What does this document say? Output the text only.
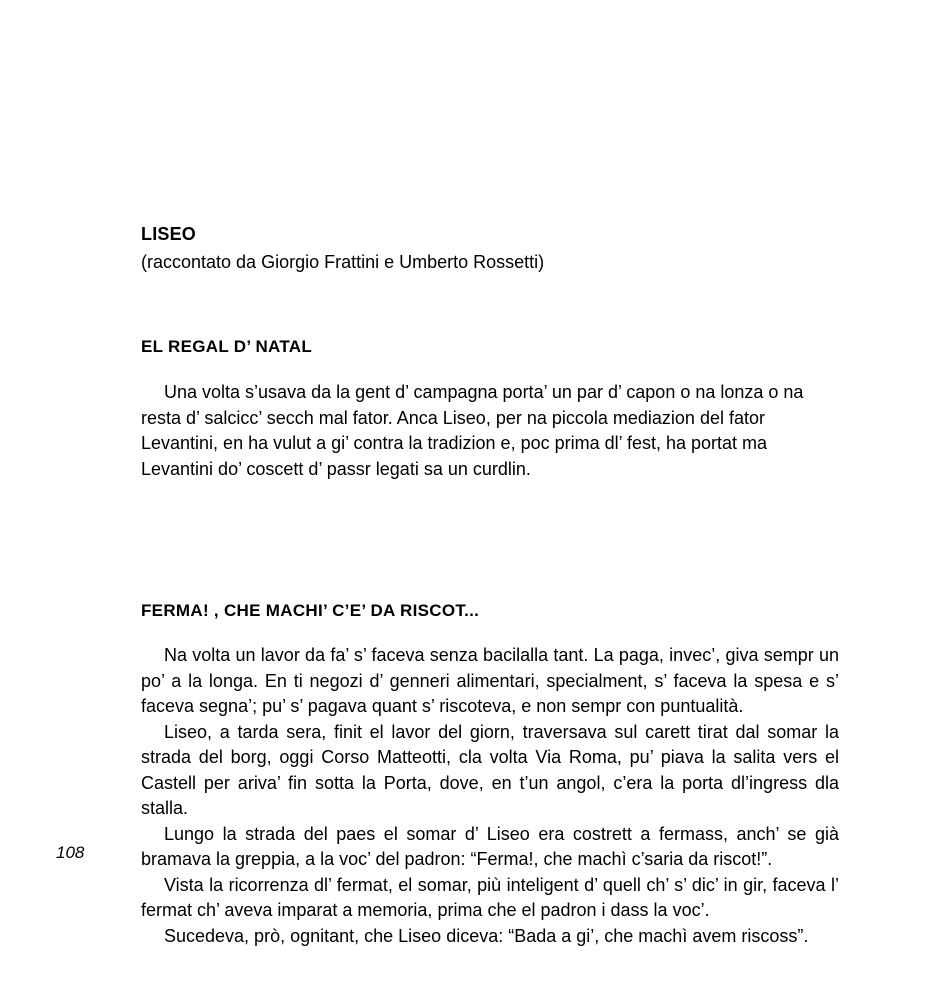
LISEO
(raccontato da Giorgio Frattini e Umberto Rossetti)
EL REGAL D’ NATAL

Una volta s’usava da la gent d’ campagna porta’ un par d’ capon o na lonza o na resta d’ salcicc’ secch mal fator. Anca Liseo, per na piccola mediazion del fator Levantini, en ha vulut a gi’ contra la tradizion e, poc prima dl’ fest, ha portat ma Levantini do’ coscett d’ passr legati sa un curdlin.

FERMA! , CHE MACHI’ C’E’ DA RISCOT...

Na volta un lavor da fa’ s’ faceva senza bacilalla tant. La paga, invec’, giva sempr un po’ a la longa. En ti negozi d’ genneri alimentari, specialment, s’ faceva la spesa e s’ faceva segna’; pu’ s’ pagava quant s’ riscoteva, e non sempr con puntualità.

Liseo, a tarda sera, finit el lavor del giorn, traversava sul carett tirat dal somar la strada del borg, oggi Corso Matteotti, cla volta Via Roma, pu’ piava la salita vers el Castell per ariva’ fin sotta la Porta, dove, en t’un angol, c’era la porta dl’ingress dla stalla.

Lungo la strada del paes el somar d’ Liseo era costrett a fermass, anch’ se già bramava la greppia, a la voc’ del padron: “Ferma!, che machì c’saria da riscot!”.

Vista la ricorrenza dl’ fermat, el somar, più inteligent d’ quell ch’ s’ dic’ in gir, faceva l’ fermat ch’ aveva imparat a memoria, prima che el padron i dass la voc’.

Sucedeva, prò, ognitant, che Liseo diceva: “Bada a gi’, che machì avem riscoss”.

108
